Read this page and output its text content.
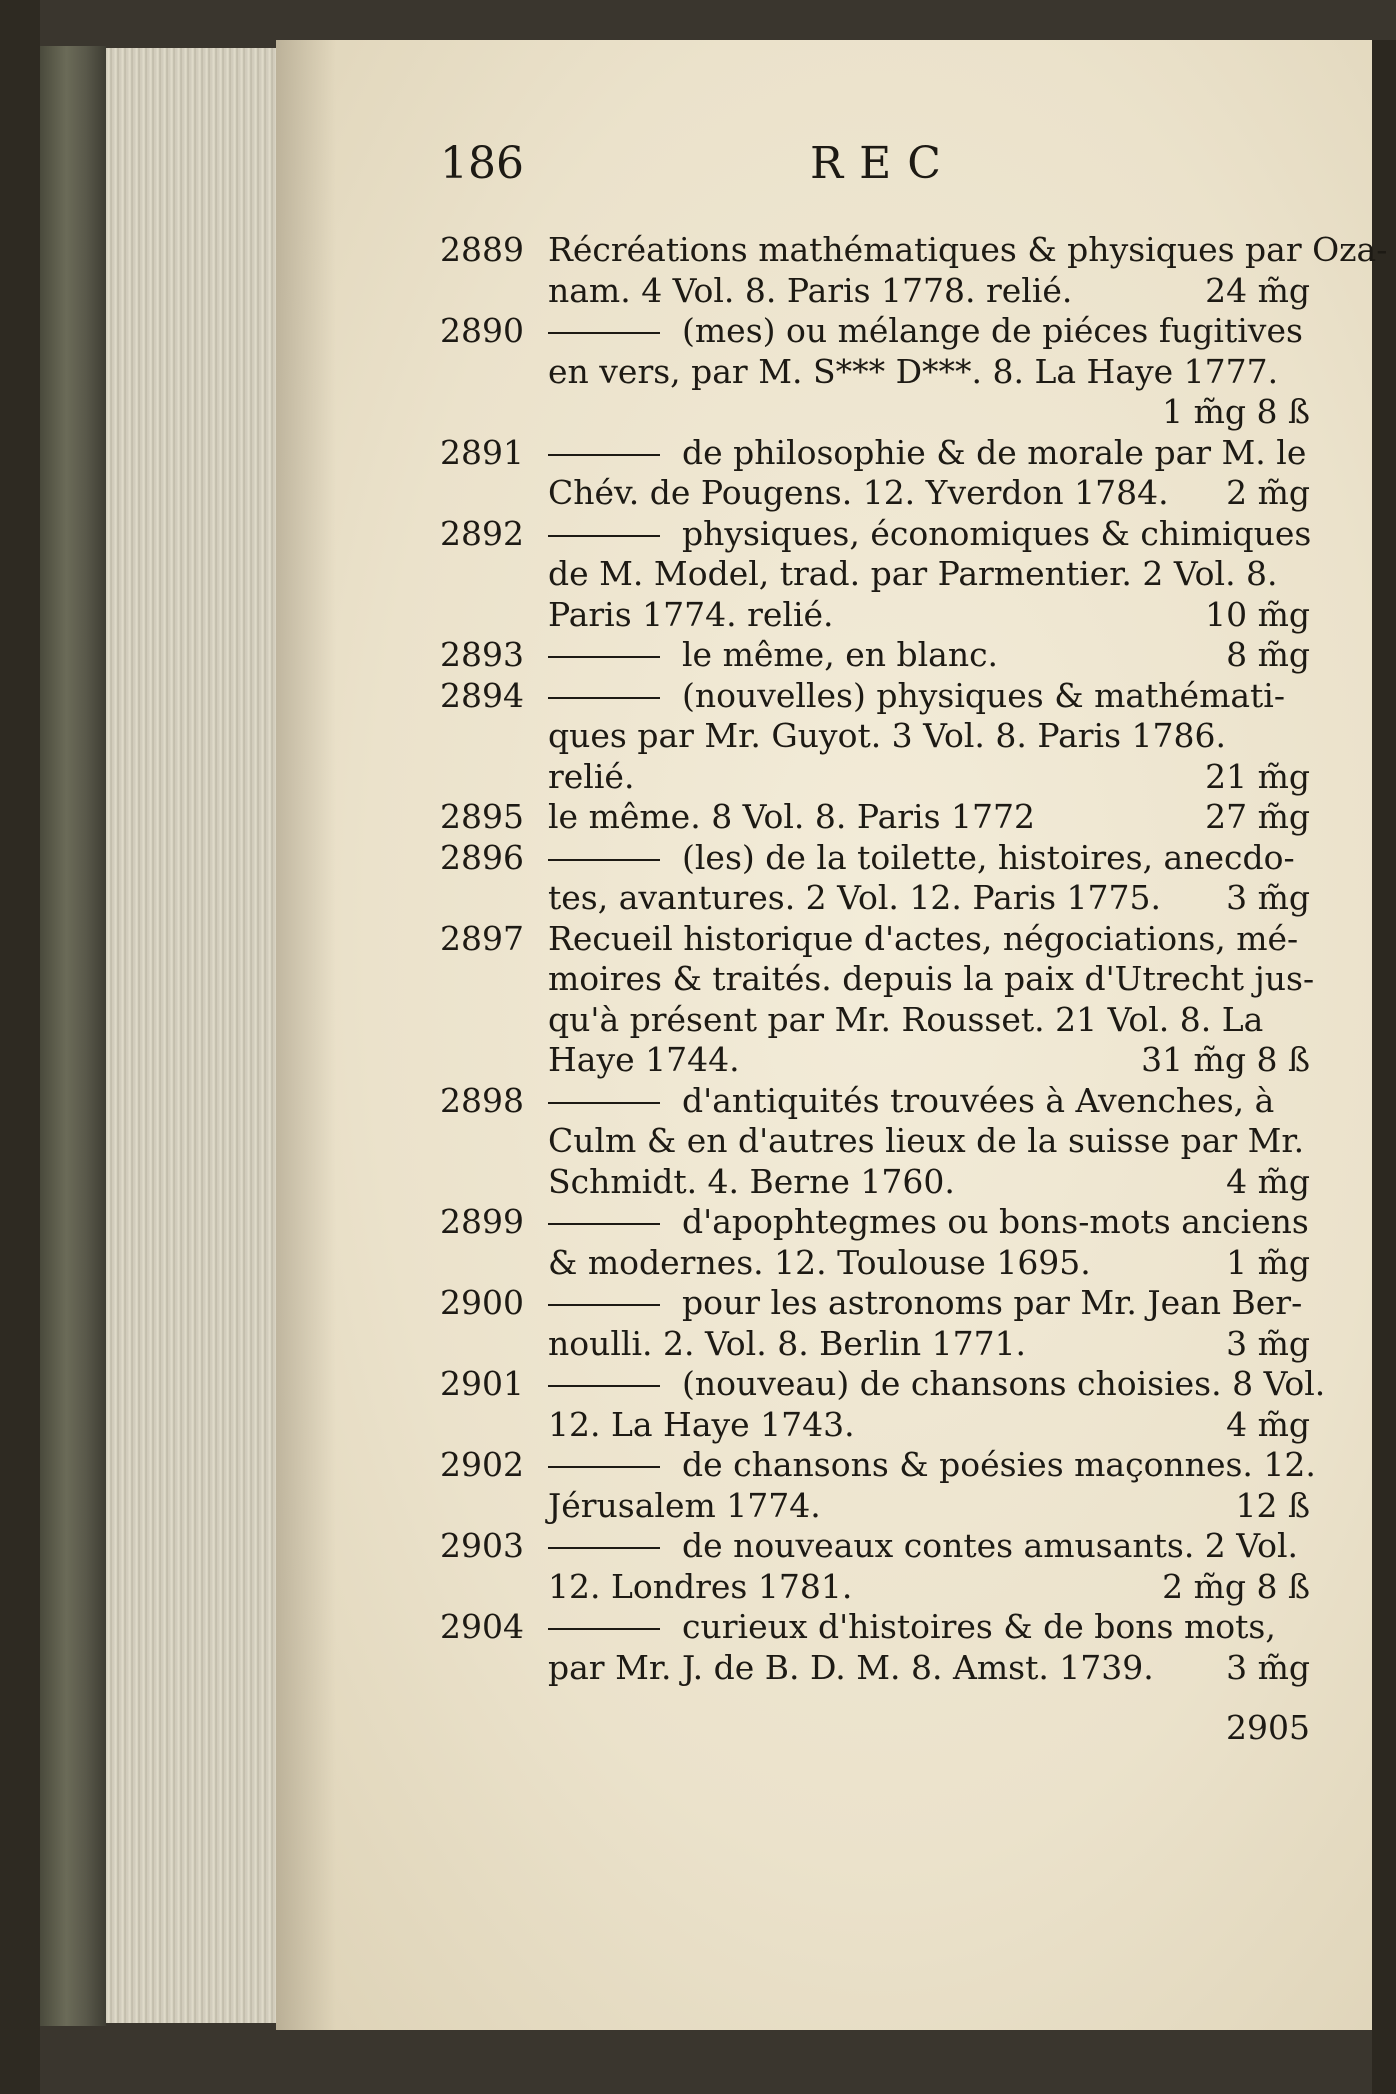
186	REC
2889 Récréations mathématiques & physiques par Oza-
nam. 4 Vol. 8. Paris 1778. relié.	24 m̃g
2890	(mes) ou mélange de piéces fugitives
en vers, par M. S*** D***. 8. La Haye 1777.
1 m̃g 8 ß
2891	de philosophie & de morale par M. le
Chév. de Pougens. 12. Yverdon 1784. 2 m̃g
2892	physiques, économiques & chimiques
de M. Model, trad. par Parmentier. 2 Vol. 8.
Paris 1774. relié.	10 m̃g
2893	le même, en blanc.	8 m̃g
2894	(nouvelles) physiques & mathémati-
ques par Mr. Guyot. 3 Vol. 8. Paris 1786.
relié.	21 m̃g
2895 le même. 8 Vol. 8. Paris 1772	27 m̃g
2896	(les) de la toilette, histoires, anecdo-
tes, avantures. 2 Vol. 12. Paris 1775. 3 m̃g
2897 Recueil historique d'actes, négociations, mé-
moires & traités. depuis la paix d'Utrecht jus-
qu'à présent par Mr. Rousset. 21 Vol. 8. La
Haye 1744.	31 m̃g 8 ß
2898	d'antiquités trouvées à Avenches, à
Culm & en d'autres lieux de la suisse par Mr.
Schmidt. 4. Berne 1760.	4 m̃g
2899	d'apophtegmes ou bons-mots anciens
& modernes. 12. Toulouse 1695.	1 m̃g
2900	pour les astronoms par Mr. Jean Ber-
noulli. 2. Vol. 8. Berlin 1771.	3 m̃g
2901	(nouveau) de chansons choisies. 8 Vol.
12. La Haye 1743.	4 m̃g
2902	de chansons & poésies maçonnes. 12.
Jérusalem 1774.	12 ß
2903	de nouveaux contes amusants. 2 Vol.
12. Londres 1781.	2 m̃g 8 ß
2904	curieux d'histoires & de bons mots,
par Mr. J. de B. D. M. 8. Amst. 1739. 3 m̃g
2905
